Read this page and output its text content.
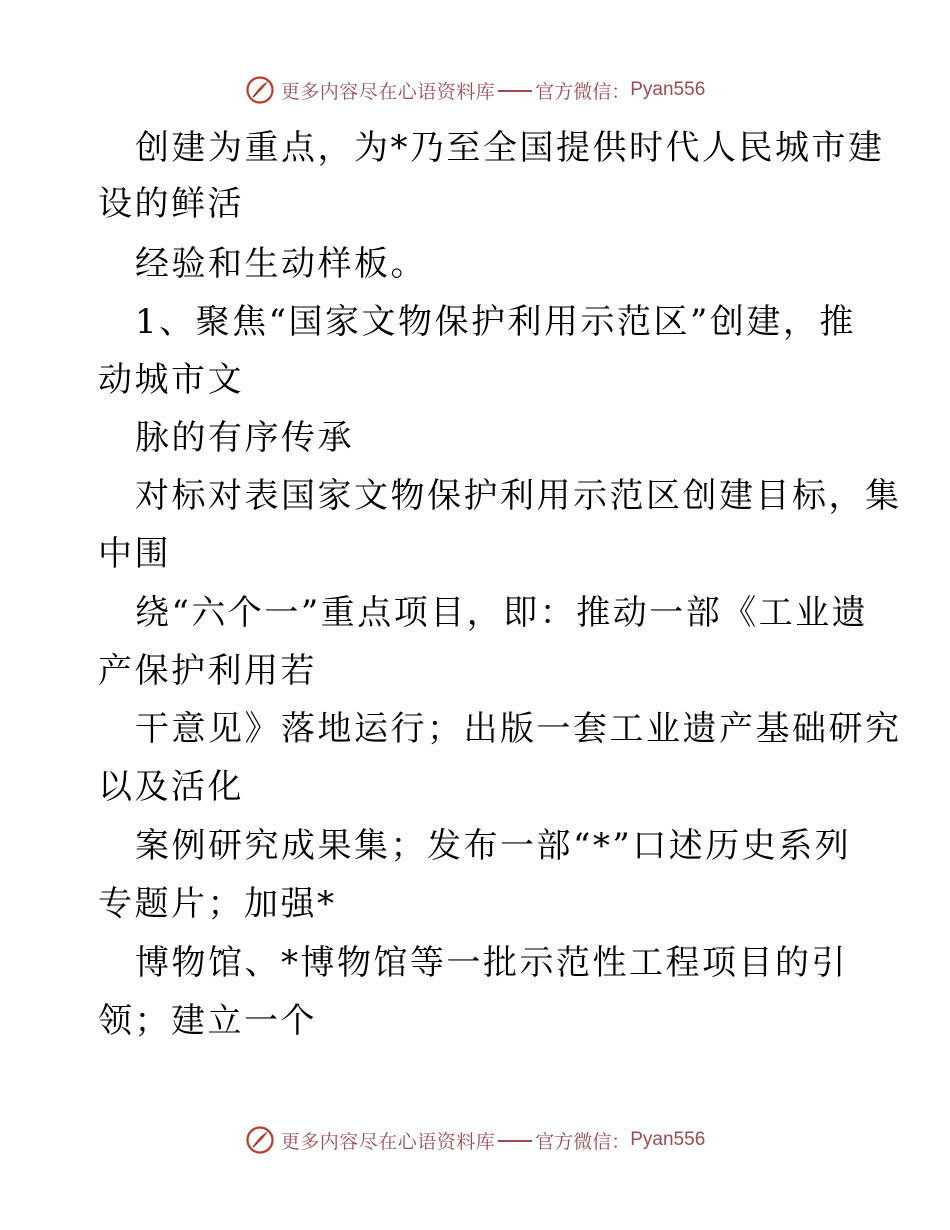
更多内容尽在心语资料库 官方微信： Pyan556
创建为重点，为*乃至全国提供时代人民城市建
设的鲜活
经验和生动样板。
1、聚焦“国家文物保护利用示范区”创建，推
动城市文
脉的有序传承
对标对表国家文物保护利用示范区创建目标，集
中围
绕“六个一”重点项目，即：推动一部《工业遗
产保护利用若
干意见》落地运行；出版一套工业遗产基础研究
以及活化
案例研究成果集；发布一部“*”口述历史系列
专题片；加强*
博物馆、*博物馆等一批示范性工程项目的引
领；建立一个
更多内容尽在心语资料库 官方微信： Pyan556
